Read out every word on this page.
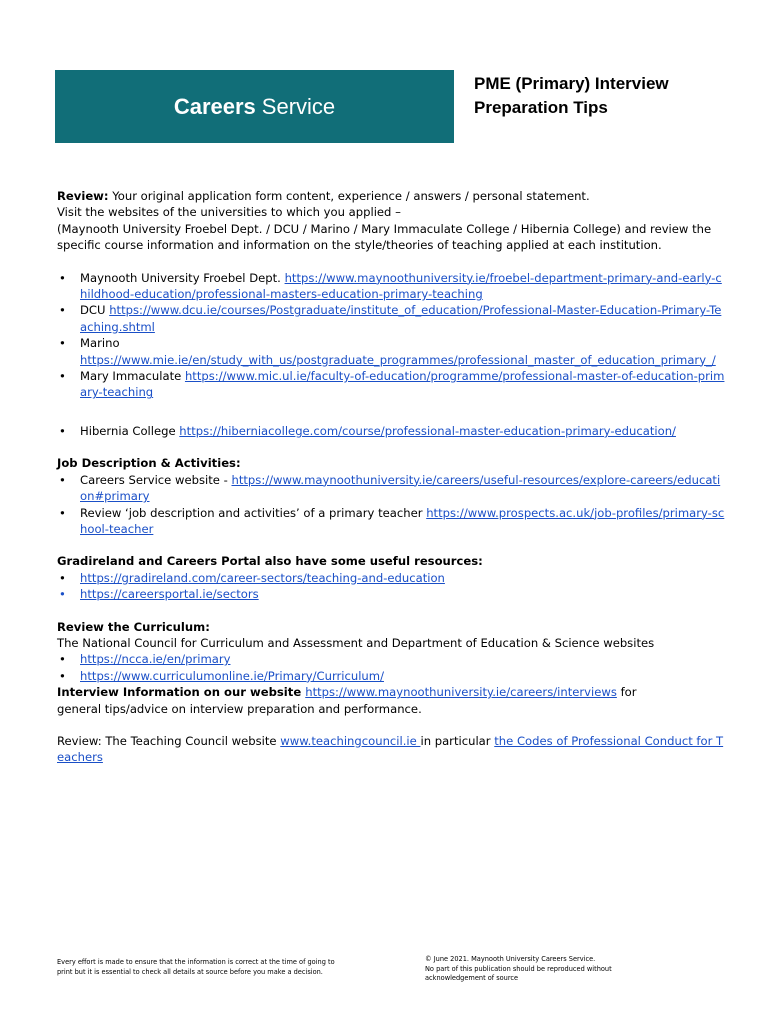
Careers Service
PME (Primary) Interview
Preparation Tips

Review: Your original application form content, experience / answers / personal statement.

Visit the websites of the universities to which you applied –

(Maynooth University Froebel Dept. / DCU / Marino / Mary Immaculate College / Hibernia College) and review the specific course information and information on the style/theories of teaching applied at each institution.

• Maynooth University Froebel Dept. https://www.maynoothuniversity.ie/froebel-department-primary-and-early-childhood-education/professional-masters-education-primary-teaching
• DCU https://www.dcu.ie/courses/Postgraduate/institute_of_education/Professional-Master-Education-Primary-Teaching.shtml
• Marino
https://www.mie.ie/en/study_with_us/postgraduate_programmes/professional_master_of_education_primary_/
• Mary Immaculate https://www.mic.ul.ie/faculty-of-education/programme/professional-master-of-education-primary-teaching
• Hibernia College https://hiberniacollege.com/course/professional-master-education-primary-education/

Job Description & Activities:

• Careers Service website - https://www.maynoothuniversity.ie/careers/useful-resources/explore-careers/education#primary
• Review ‘job description and activities’ of a primary teacher https://www.prospects.ac.uk/job-profiles/primary-school-teacher

Gradireland and Careers Portal also have some useful resources:

• https://gradireland.com/career-sectors/teaching-and-education
• https://careersportal.ie/sectors

Review the Curriculum:

The National Council for Curriculum and Assessment and Department of Education & Science websites

• https://ncca.ie/en/primary
• https://www.curriculumonline.ie/Primary/Curriculum/

Interview Information on our website https://www.maynoothuniversity.ie/careers/interviews for

general tips/advice on interview preparation and performance.

Review: The Teaching Council website www.teachingcouncil.ie in particular the Codes of Professional Conduct for Teachers

Every effort is made to ensure that the information is correct at the time of going to
print but it is essential to check all details at source before you make a decision.
© June 2021. Maynooth University Careers Service.
No part of this publication should be reproduced without
acknowledgement of source
